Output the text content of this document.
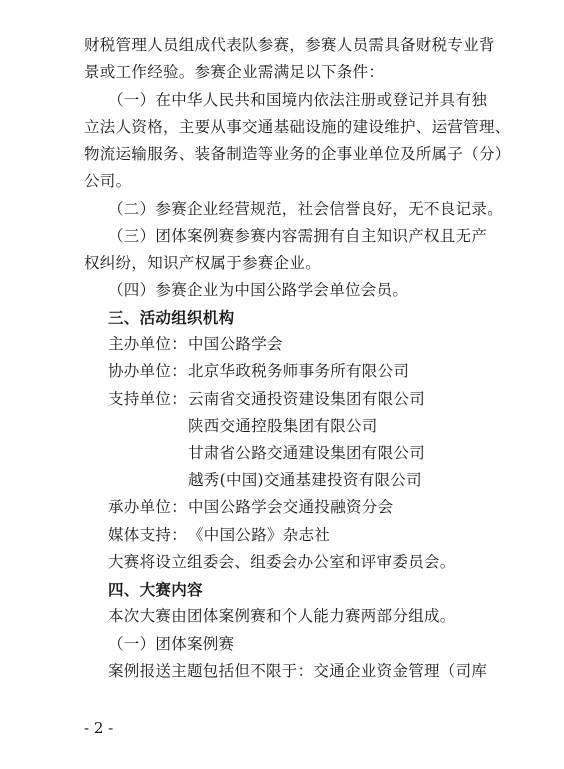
财税管理人员组成代表队参赛，参赛人员需具备财税专业背
景或工作经验。参赛企业需满足以下条件：
（一）在中华人民共和国境内依法注册或登记并具有独
立法人资格，主要从事交通基础设施的建设维护、运营管理、
物流运输服务、装备制造等业务的企事业单位及所属子（分）
公司。
（二）参赛企业经营规范，社会信誉良好，无不良记录。
（三）团体案例赛参赛内容需拥有自主知识产权且无产
权纠纷，知识产权属于参赛企业。
（四）参赛企业为中国公路学会单位会员。
三、活动组织机构
主办单位： 中国公路学会
协办单位： 北京华政税务师事务所有限公司
支持单位： 云南省交通投资建设集团有限公司
陕西交通控股集团有限公司
甘肃省公路交通建设集团有限公司
越秀(中国)交通基建投资有限公司
承办单位： 中国公路学会交通投融资分会
媒体支持： 《中国公路》杂志社
大赛将设立组委会、组委会办公室和评审委员会。
四、大赛内容
本次大赛由团体案例赛和个人能力赛两部分组成。
（一）团体案例赛
案例报送主题包括但不限于：交通企业资金管理（司库
- 2 -
